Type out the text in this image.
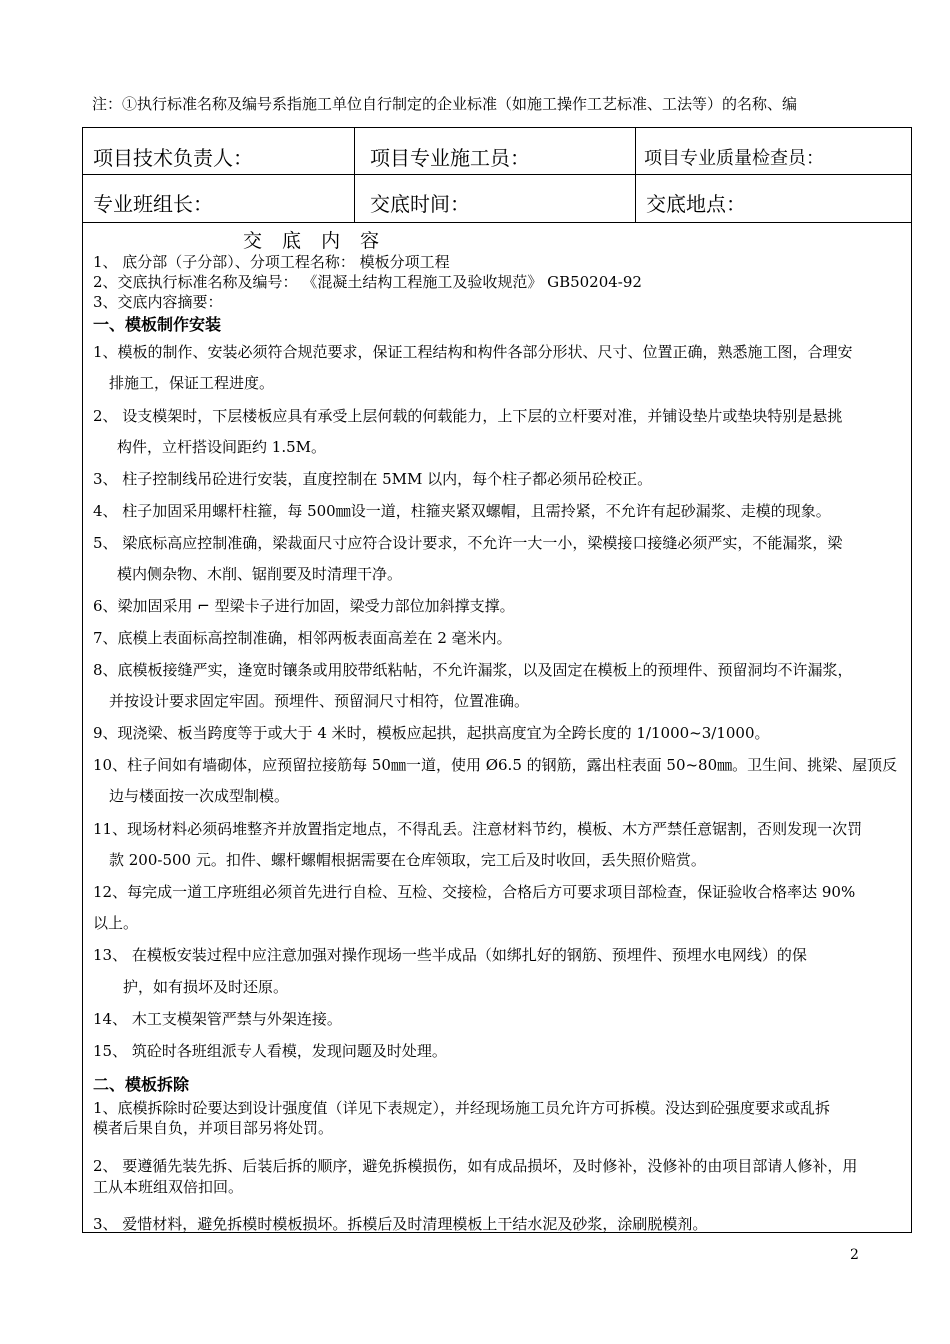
注：①执行标准名称及编号系指施工单位自行制定的企业标准（如施工操作工艺标准、工法等）的名称、编
项目技术负责人：	项目专业施工员：	项目专业质量检查员：
专业班组长：	交底时间：	交底地点：
交 底 内 容
1、 底分部（子分部）、分项工程名称： 模板分项工程
2、交底执行标准名称及编号： 《混凝土结构工程施工及验收规范》 GB50204-92
3、交底内容摘要：
一、模板制作安装
1、模板的制作、安装必须符合规范要求，保证工程结构和构件各部分形状、尺寸、位置正确，熟悉施工图，合理安
排施工，保证工程进度。
2、 设支模架时，下层楼板应具有承受上层何载的何载能力，上下层的立杆要对准，并铺设垫片或垫块特别是悬挑
构件，立杆搭设间距约 1.5M。
3、 柱子控制线吊砼进行安装，直度控制在 5MM 以内，每个柱子都必须吊砼校正。
4、 柱子加固采用螺杆柱箍，每 500㎜设一道，柱箍夹紧双螺帽，且需拎紧，不允许有起砂漏浆、走模的现象。
5、 梁底标高应控制准确，梁裁面尺寸应符合设计要求，不允许一大一小，梁模接口接缝必须严实，不能漏浆，梁
模内侧杂物、木削、锯削要及时清理干净。
6、梁加固采用 ⌐ 型梁卡子进行加固，梁受力部位加斜撑支撑。
7、底模上表面标高控制准确，相邻两板表面高差在 2 毫米内。
8、底模板接缝严实，逢宽时镶条或用胶带纸粘帖，不允许漏浆，以及固定在模板上的预埋件、预留洞均不许漏浆，
并按设计要求固定牢固。预埋件、预留洞尺寸相符，位置准确。
9、现浇梁、板当跨度等于或大于 4 米时，模板应起拱，起拱高度宜为全跨长度的 1/1000~3/1000。
10、柱子间如有墙砌体，应预留拉接筋每 50㎜一道，使用 Ø6.5 的钢筋，露出柱表面 50~80㎜。卫生间、挑梁、屋顶反
边与楼面按一次成型制模。
11、现场材料必须码堆整齐并放置指定地点，不得乱丢。注意材料节约，模板、木方严禁任意锯割，否则发现一次罚
款 200-500 元。扣件、螺杆螺帽根据需要在仓库领取，完工后及时收回，丢失照价赔赏。
12、每完成一道工序班组必须首先进行自检、互检、交接检，合格后方可要求项目部检查，保证验收合格率达 90%
以上。
13、 在模板安装过程中应注意加强对操作现场一些半成品（如绑扎好的钢筋、预埋件、预埋水电网线）的保
护，如有损坏及时还原。
14、 木工支模架管严禁与外架连接。
15、 筑砼时各班组派专人看模，发现问题及时处理。
二、模板拆除
1、底模拆除时砼要达到设计强度值（详见下表规定），并经现场施工员允许方可拆模。没达到砼强度要求或乱拆
模者后果自负，并项目部另将处罚。
2、 要遵循先装先拆、后装后拆的顺序，避免拆模损伤，如有成品损坏，及时修补，没修补的由项目部请人修补，用
工从本班组双倍扣回。
3、 爱惜材料，避免拆模时模板损坏。拆模后及时清理模板上干结水泥及砂浆，涂刷脱模剂。
2
